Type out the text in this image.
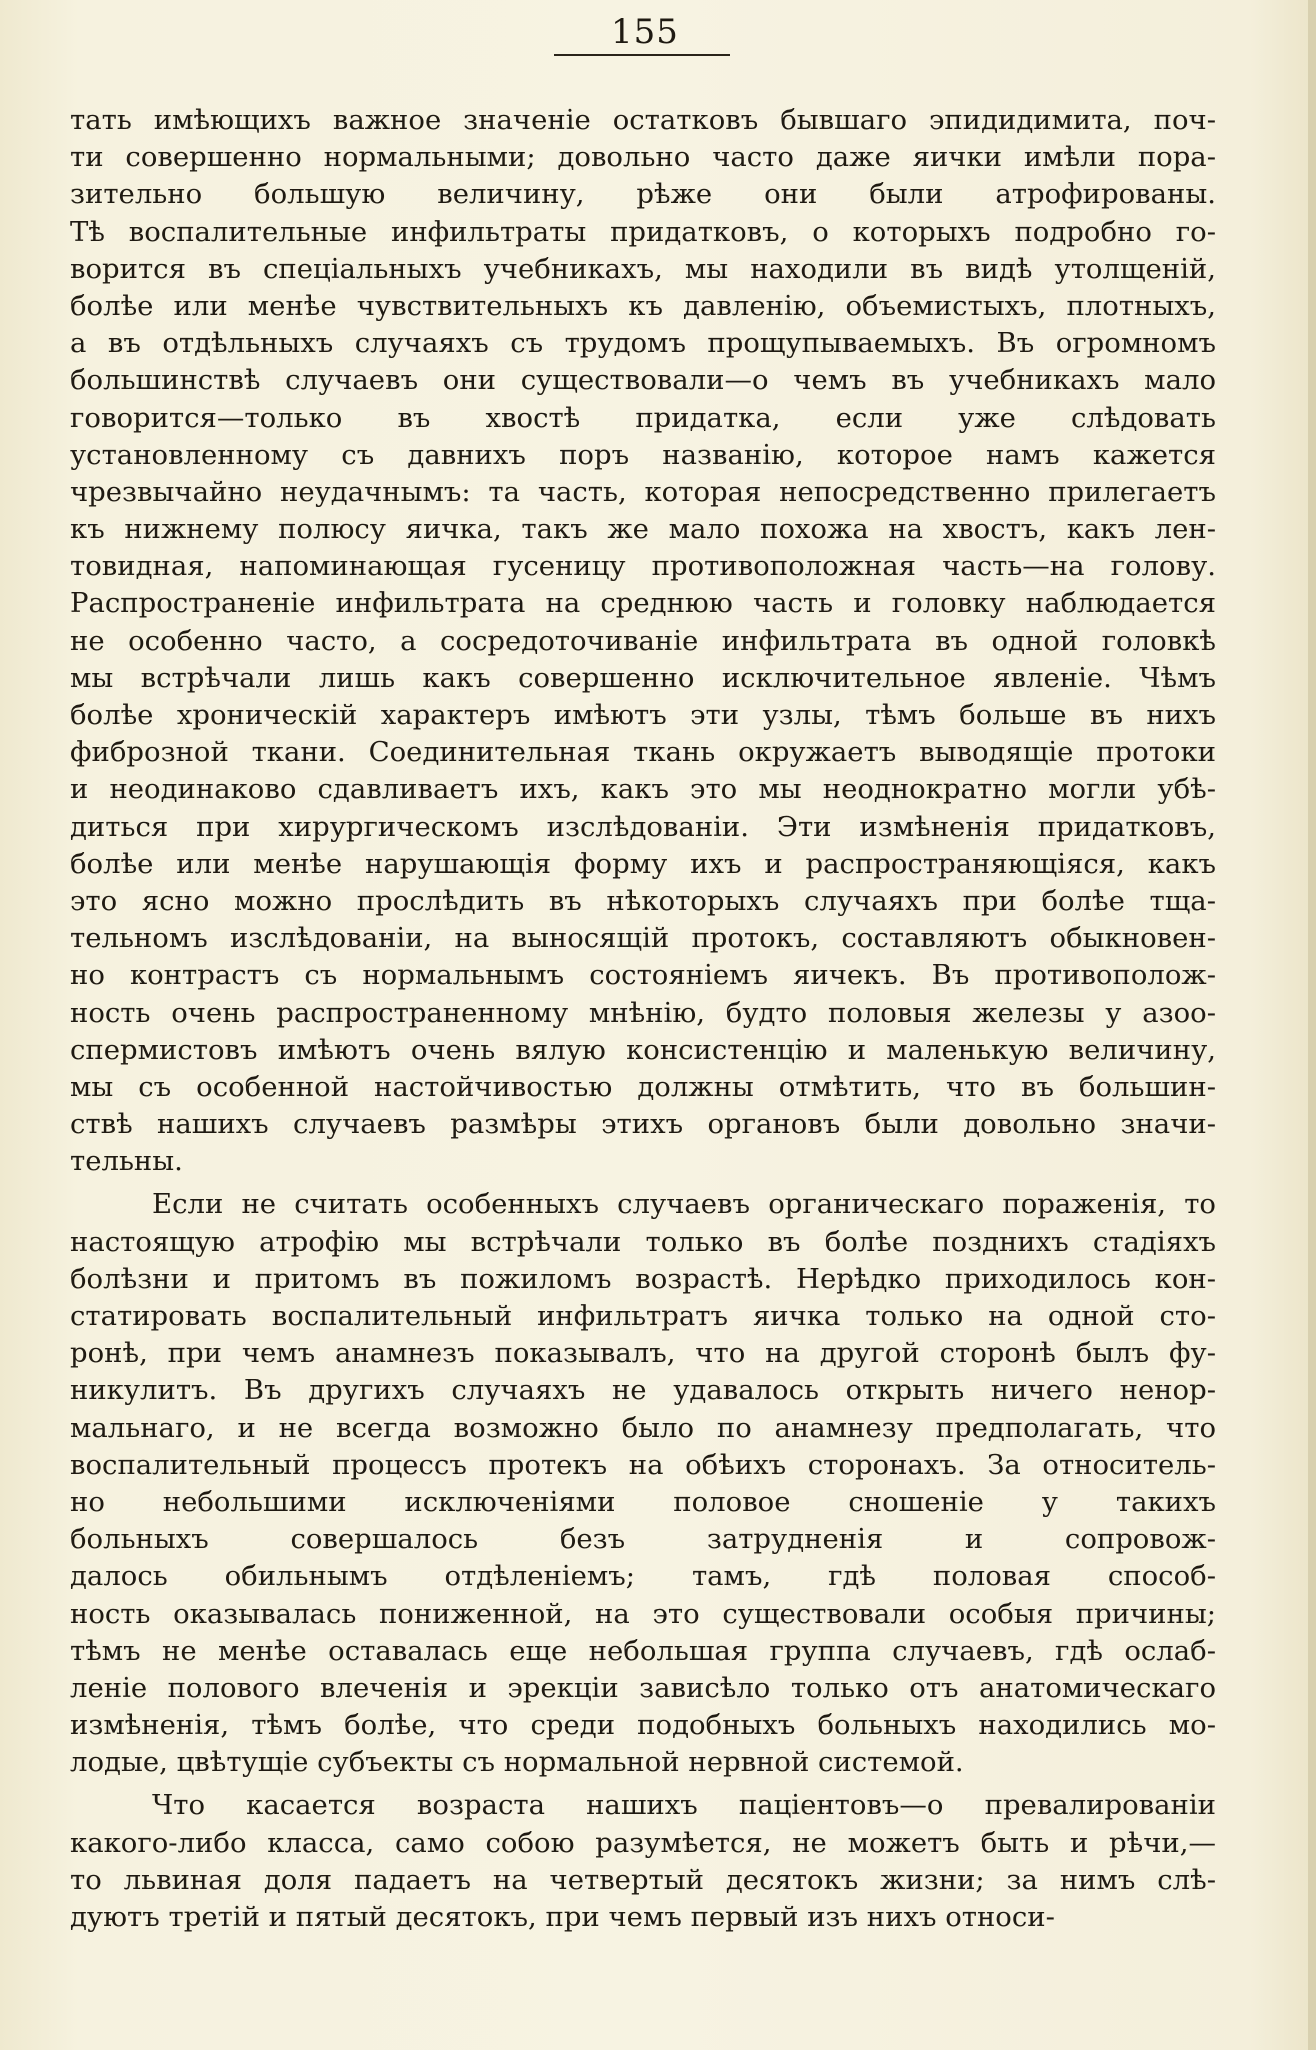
155
тать имѣющихъ важное значенiе остатковъ бывшаго эпидидимита, поч-
ти совершенно нормальными; довольно часто даже яички имѣли пора-
зительно большую величину, рѣже они были атрофированы.
Тѣ воспалительные инфильтраты придатковъ, о которыхъ подробно го-
ворится въ спецiальныхъ учебникахъ, мы находили въ видѣ утолщенiй,
болѣе или менѣе чувствительныхъ къ давленiю, объемистыхъ, плотныхъ,
а въ отдѣльныхъ случаяхъ съ трудомъ прощупываемыхъ. Въ огромномъ
большинствѣ случаевъ они существовали—о чемъ въ учебникахъ мало
говорится—только въ хвостѣ придатка, если уже слѣдовать
установленному съ давнихъ поръ названiю, которое намъ кажется
чрезвычайно неудачнымъ: та часть, которая непосредственно прилегаетъ
къ нижнему полюсу яичка, такъ же мало похожа на хвостъ, какъ лен-
товидная, напоминающая гусеницу противоположная часть—на голову.
Распространенiе инфильтрата на среднюю часть и головку наблюдается
не особенно часто, а сосредоточиванiе инфильтрата въ одной головкѣ
мы встрѣчали лишь какъ совершенно исключительное явленiе. Чѣмъ
болѣе хроническiй характеръ имѣютъ эти узлы, тѣмъ больше въ нихъ
фиброзной ткани. Соединительная ткань окружаетъ выводящiе протоки
и неодинаково сдавливаетъ ихъ, какъ это мы неоднократно могли убѣ-
диться при хирургическомъ изслѣдованiи. Эти измѣненiя придатковъ,
болѣе или менѣе нарушающiя форму ихъ и распространяющiяся, какъ
это ясно можно прослѣдить въ нѣкоторыхъ случаяхъ при болѣе тща-
тельномъ изслѣдованiи, на выносящiй протокъ, составляютъ обыкновен-
но контрастъ съ нормальнымъ состоянiемъ яичекъ. Въ противополож-
ность очень распространенному мнѣнiю, будто половыя железы у азоо-
спермистовъ имѣютъ очень вялую консистенцiю и маленькую величину,
мы съ особенной настойчивостью должны отмѣтить, что въ большин-
ствѣ нашихъ случаевъ размѣры этихъ органовъ были довольно значи-
тельны.
Если не считать особенныхъ случаевъ органическаго пораженiя, то
настоящую атрофiю мы встрѣчали только въ болѣе позднихъ стадiяхъ
болѣзни и притомъ въ пожиломъ возрастѣ. Нерѣдко приходилось кон-
статировать воспалительный инфильтратъ яичка только на одной сто-
ронѣ, при чемъ анамнезъ показывалъ, что на другой сторонѣ былъ фу-
никулитъ. Въ другихъ случаяхъ не удавалось открыть ничего ненор-
мальнаго, и не всегда возможно было по анамнезу предполагать, что
воспалительный процессъ протекъ на обѣихъ сторонахъ. За относитель-
но небольшими исключенiями половое сношенiе у такихъ
больныхъ совершалось безъ затрудненiя и сопровож-
далось обильнымъ отдѣленiемъ; тамъ, гдѣ половая способ-
ность оказывалась пониженной, на это существовали особыя причины;
тѣмъ не менѣе оставалась еще небольшая группа случаевъ, гдѣ ослаб-
ленiе полового влеченiя и эрекцiи зависѣло только отъ анатомическаго
измѣненiя, тѣмъ болѣе, что среди подобныхъ больныхъ находились мо-
лодые, цвѣтущiе субъекты съ нормальной нервной системой.
Что касается возраста нашихъ пацiентовъ—о превалированiи
какого-либо класса, само собою разумѣется, не можетъ быть и рѣчи,—
то львиная доля падаетъ на четвертый десятокъ жизни; за нимъ слѣ-
дуютъ третiй и пятый десятокъ, при чемъ первый изъ нихъ относи-
